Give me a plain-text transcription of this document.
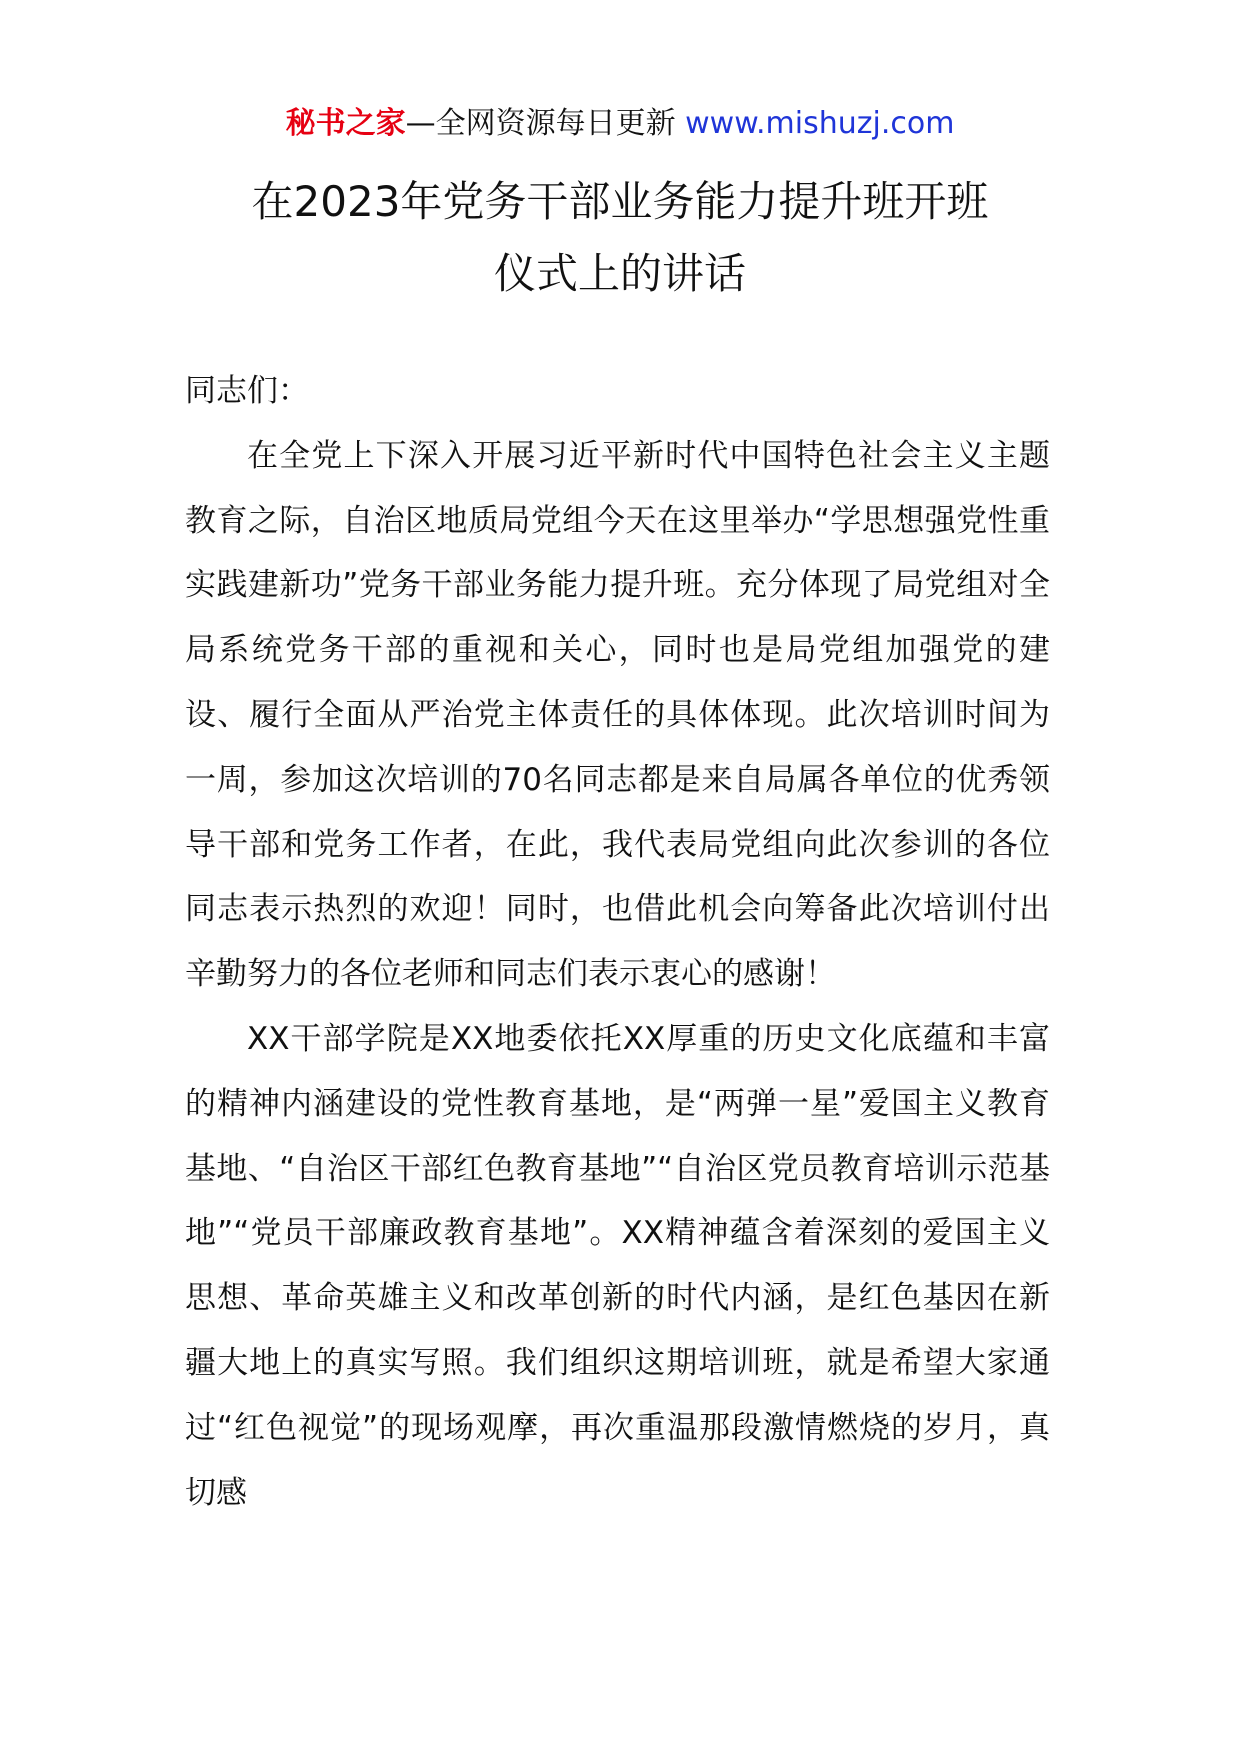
秘书之家—全网资源每日更新 www.mishuzj.com
在2023年党务干部业务能力提升班开班
仪式上的讲话

同志们：

在全党上下深入开展习近平新时代中国特色社会主义主题教育之际，自治区地质局党组今天在这里举办“学思想强党性重实践建新功”党务干部业务能力提升班。充分体现了局党组对全局系统党务干部的重视和关心，同时也是局党组加强党的建设、履行全面从严治党主体责任的具体体现。此次培训时间为一周，参加这次培训的70名同志都是来自局属各单位的优秀领导干部和党务工作者，在此，我代表局党组向此次参训的各位同志表示热烈的欢迎！同时，也借此机会向筹备此次培训付出辛勤努力的各位老师和同志们表示衷心的感谢！

XX干部学院是XX地委依托XX厚重的历史文化底蕴和丰富的精神内涵建设的党性教育基地，是“两弹一星”爱国主义教育基地、“自治区干部红色教育基地”“自治区党员教育培训示范基地”“党员干部廉政教育基地”。XX精神蕴含着深刻的爱国主义思想、革命英雄主义和改革创新的时代内涵，是红色基因在新疆大地上的真实写照。我们组织这期培训班，就是希望大家通过“红色视觉”的现场观摩，再次重温那段激情燃烧的岁月，真切感
